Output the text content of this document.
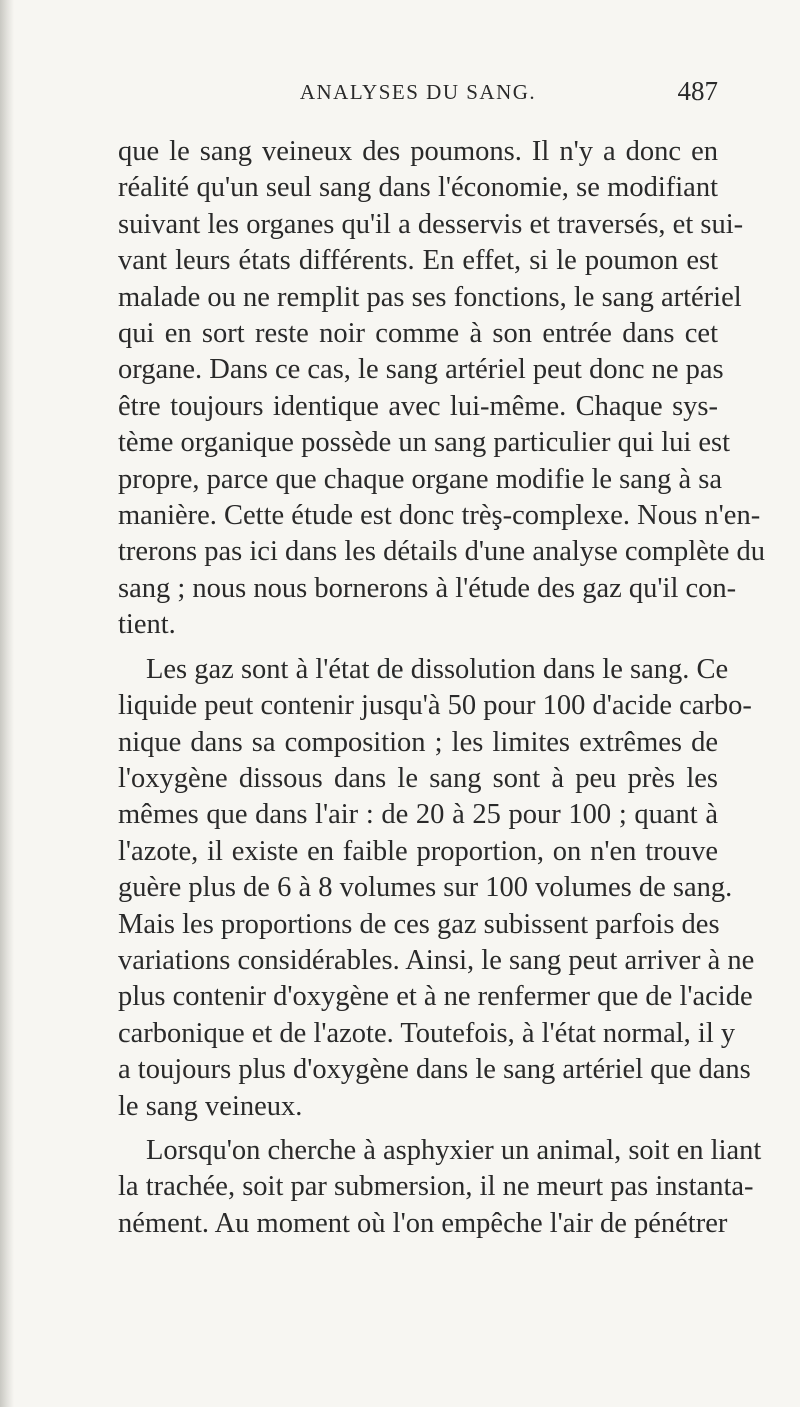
ANALYSES DU SANG.	487
que le sang veineux des poumons. Il n'y a donc en
réalité qu'un seul sang dans l'économie, se modifiant
suivant les organes qu'il a desservis et traversés, et sui-
vant leurs états différents. En effet, si le poumon est
malade ou ne remplit pas ses fonctions, le sang artériel
qui en sort reste noir comme à son entrée dans cet
organe. Dans ce cas, le sang artériel peut donc ne pas
être toujours identique avec lui-même. Chaque sys-
tème organique possède un sang particulier qui lui est
propre, parce que chaque organe modifie le sang à sa
manière. Cette étude est donc trèş-complexe. Nous n'en-
trerons pas ici dans les détails d'une analyse complète du
sang ; nous nous bornerons à l'étude des gaz qu'il con-
tient.
Les gaz sont à l'état de dissolution dans le sang. Ce
liquide peut contenir jusqu'à 50 pour 100 d'acide carbo-
nique dans sa composition ; les limites extrêmes de
l'oxygène dissous dans le sang sont à peu près les
mêmes que dans l'air : de 20 à 25 pour 100 ; quant à
l'azote, il existe en faible proportion, on n'en trouve
guère plus de 6 à 8 volumes sur 100 volumes de sang.
Mais les proportions de ces gaz subissent parfois des
variations considérables. Ainsi, le sang peut arriver à ne
plus contenir d'oxygène et à ne renfermer que de l'acide
carbonique et de l'azote. Toutefois, à l'état normal, il y
a toujours plus d'oxygène dans le sang artériel que dans
le sang veineux.
Lorsqu'on cherche à asphyxier un animal, soit en liant
la trachée, soit par submersion, il ne meurt pas instanta-
nément. Au moment où l'on empêche l'air de pénétrer
